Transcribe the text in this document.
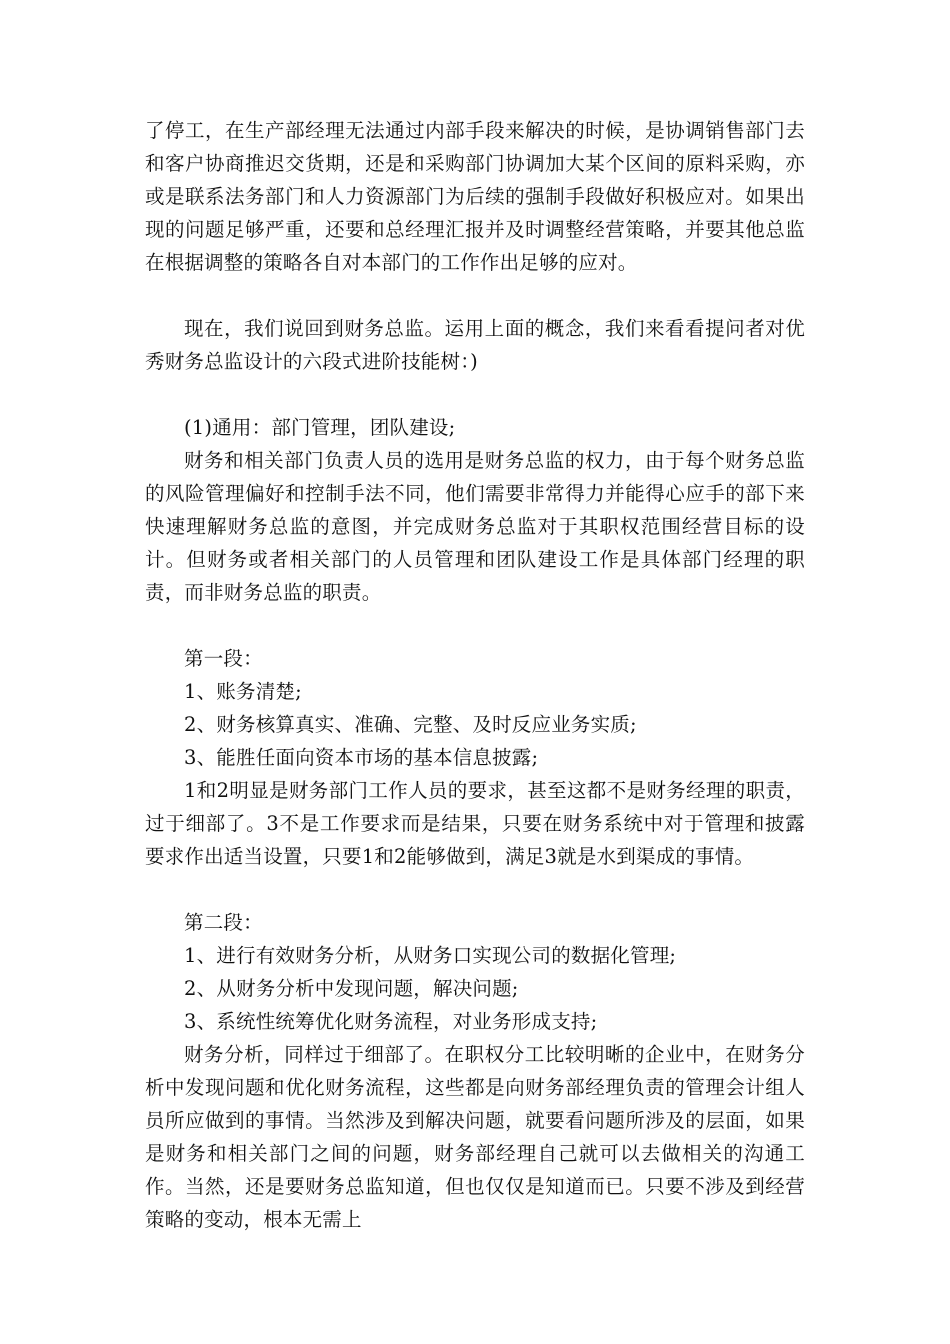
了停工，在生产部经理无法通过内部手段来解决的时候，是协调销售部门去和客户协商推迟交货期，还是和采购部门协调加大某个区间的原料采购，亦或是联系法务部门和人力资源部门为后续的强制手段做好积极应对。如果出现的问题足够严重，还要和总经理汇报并及时调整经营策略，并要其他总监在根据调整的策略各自对本部门的工作作出足够的应对。

现在，我们说回到财务总监。运用上面的概念，我们来看看提问者对优秀财务总监设计的六段式进阶技能树：)

(1)通用：部门管理，团队建设;

财务和相关部门负责人员的选用是财务总监的权力，由于每个财务总监的风险管理偏好和控制手法不同，他们需要非常得力并能得心应手的部下来快速理解财务总监的意图，并完成财务总监对于其职权范围经营目标的设计。但财务或者相关部门的人员管理和团队建设工作是具体部门经理的职责，而非财务总监的职责。

第一段：

1、账务清楚;

2、财务核算真实、准确、完整、及时反应业务实质;

3、能胜任面向资本市场的基本信息披露;

1和2明显是财务部门工作人员的要求，甚至这都不是财务经理的职责，过于细部了。3不是工作要求而是结果，只要在财务系统中对于管理和披露要求作出适当设置，只要1和2能够做到，满足3就是水到渠成的事情。

第二段：

1、进行有效财务分析，从财务口实现公司的数据化管理;

2、从财务分析中发现问题，解决问题;

3、系统性统筹优化财务流程，对业务形成支持;

财务分析，同样过于细部了。在职权分工比较明晰的企业中，在财务分析中发现问题和优化财务流程，这些都是向财务部经理负责的管理会计组人员所应做到的事情。当然涉及到解决问题，就要看问题所涉及的层面，如果是财务和相关部门之间的问题，财务部经理自己就可以去做相关的沟通工作。当然，还是要财务总监知道，但也仅仅是知道而已。只要不涉及到经营策略的变动，根本无需上
